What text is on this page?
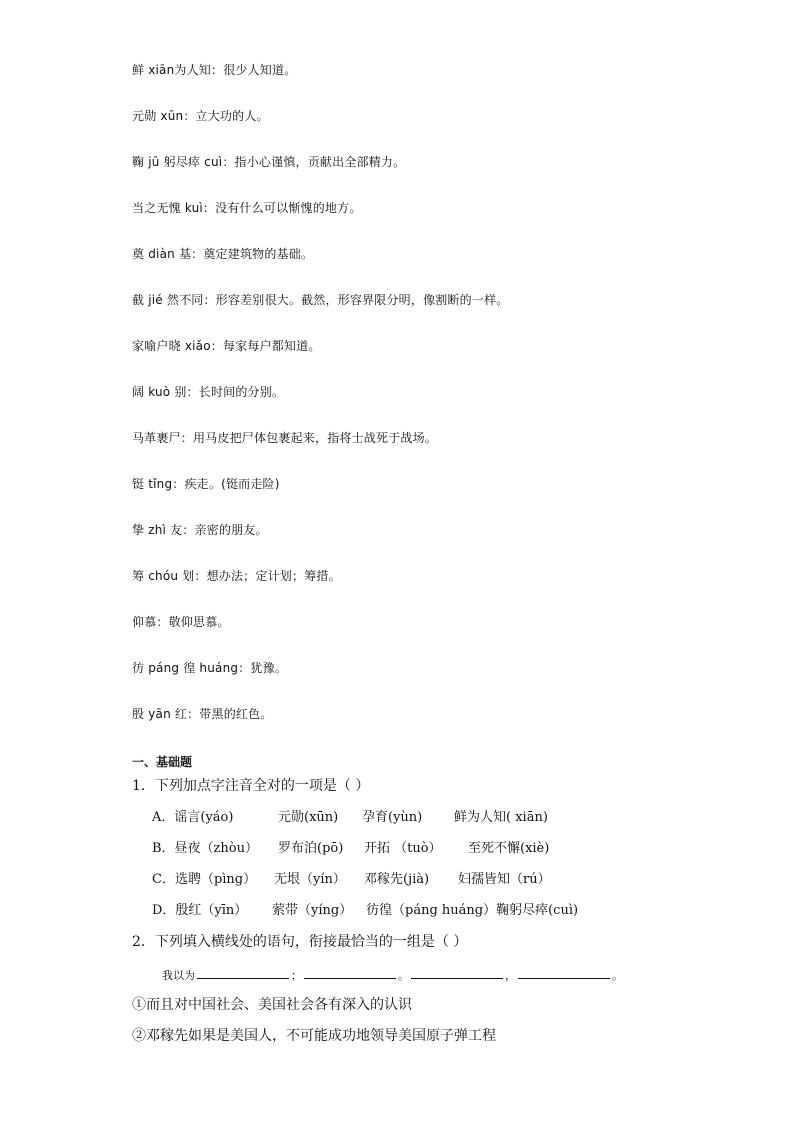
鲜 xiān为人知：很少人知道。
元勋 xūn：立大功的人。
鞠 jū 躬尽瘁 cuì：指小心谨慎，贡献出全部精力。
当之无愧 kuì：没有什么可以惭愧的地方。
奠 diàn 基：奠定建筑物的基础。
截 jié 然不同：形容差别很大。截然，形容界限分明，像割断的一样。
家喻户晓 xiǎo：每家每户都知道。
阔 kuò 别：长时间的分别。
马革裹尸：用马皮把尸体包裹起来，指将士战死于战场。
铤 tǐng：疾走。(铤而走险)
挚 zhì 友：亲密的朋友。
筹 chóu 划：想办法；定计划；筹措。
仰慕：敬仰思慕。
彷 páng 徨 huáng：犹豫。
殷 yān 红：带黑的红色。
一、基础题
1．下列加点字注音全对的一项是（ ）
A．谣言(yáo)	元勋(xūn) 孕育(yùn) 鲜为人知( xiān)
B．昼夜（zhòu） 罗布泊(pō) 开拓 （tuò） 至死不懈(xiè)
C．选聘（pìng） 无垠（yín） 邓稼先(jià) 妇孺皆知（rú）
D．殷红（yīn） 萦带（yíng） 彷徨（páng huáng）鞠躬尽瘁(cuì)
2．下列填入横线处的语句，衔接最恰当的一组是（ ）
我以为	；	。	，	。
①而且对中国社会、美国社会各有深入的认识
②邓稼先如果是美国人，不可能成功地领导美国原子弹工程
